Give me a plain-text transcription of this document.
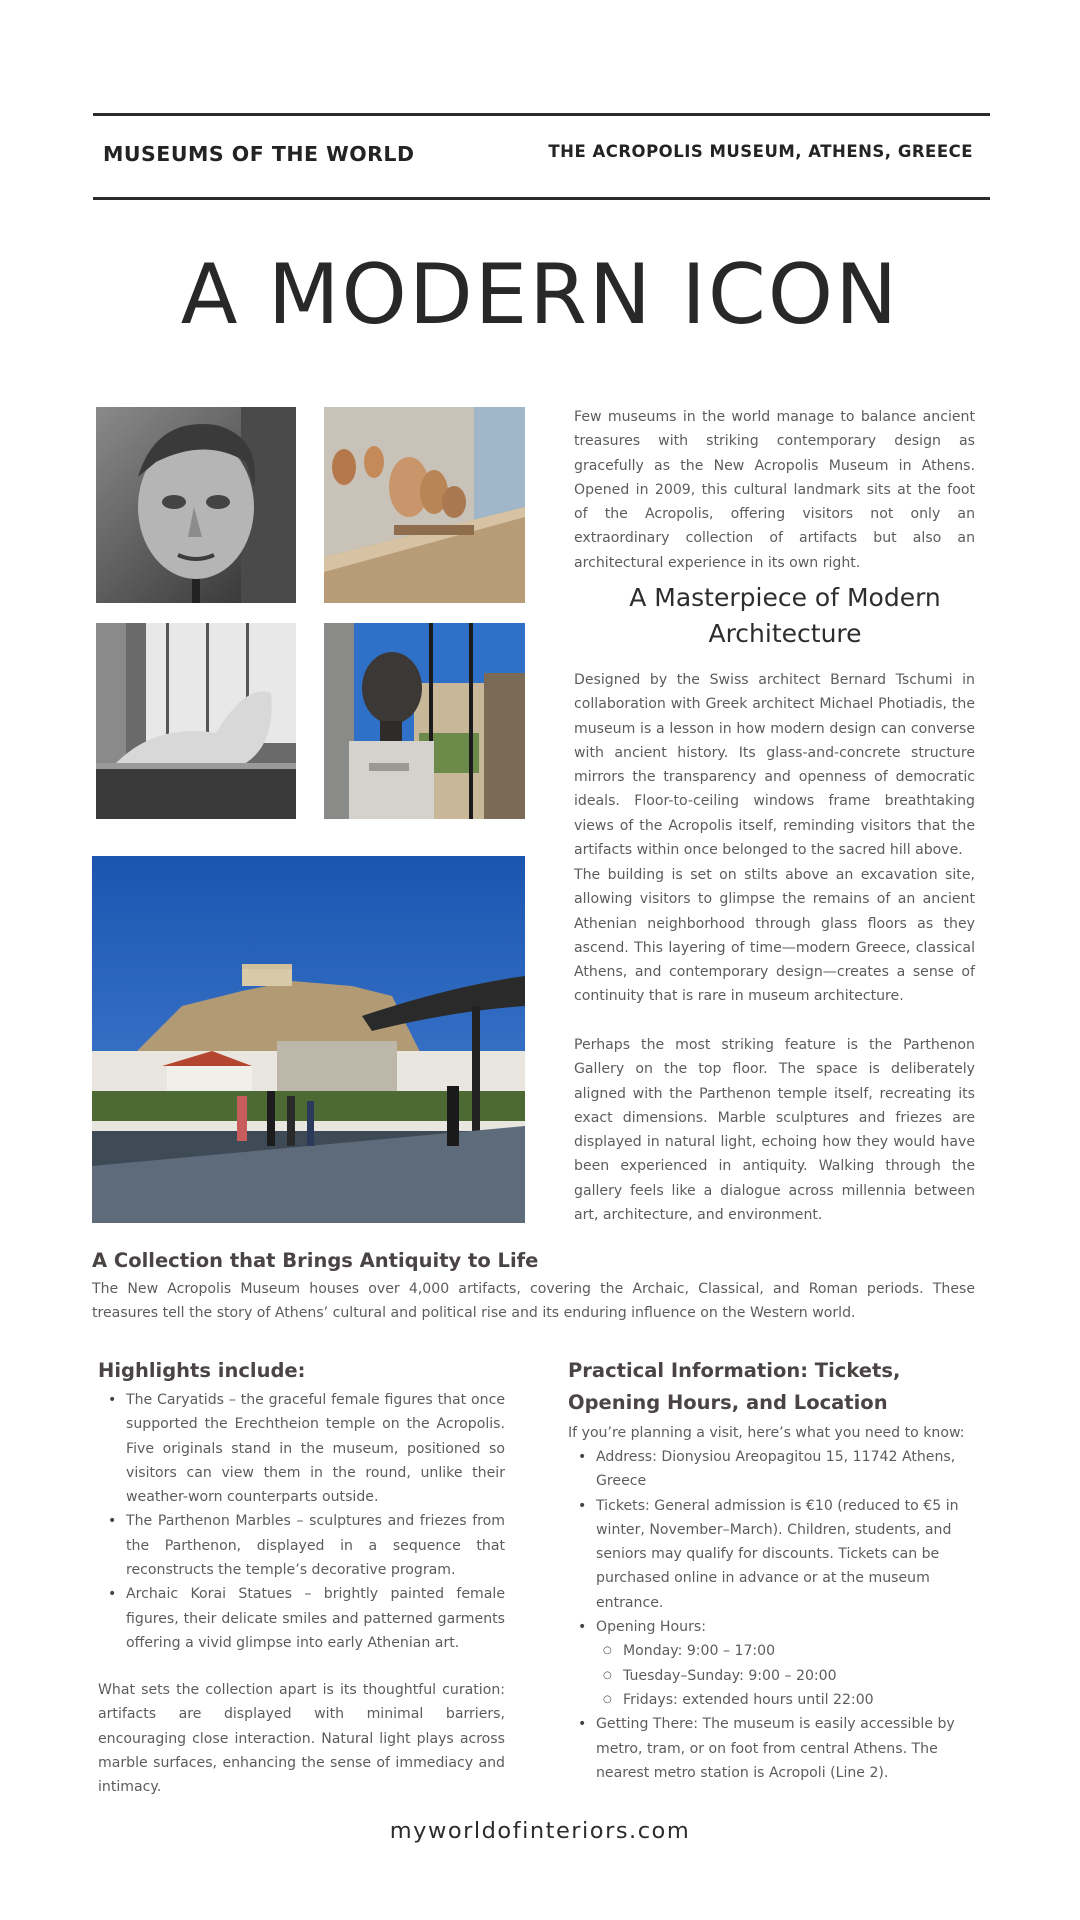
MUSEUMS OF THE WORLD	THE ACROPOLIS MUSEUM, ATHENS, GREECE
A MODERN ICON

Few museums in the world manage to balance ancient treasures with striking contemporary design as gracefully as the New Acropolis Museum in Athens. Opened in 2009, this cultural landmark sits at the foot of the Acropolis, offering visitors not only an extraordinary collection of artifacts but also an architectural experience in its own right.

A Masterpiece of Modern Architecture

Designed by the Swiss architect Bernard Tschumi in collaboration with Greek architect Michael Photiadis, the museum is a lesson in how modern design can converse with ancient history. Its glass-and-concrete structure mirrors the transparency and openness of democratic ideals. Floor-to-ceiling windows frame breathtaking views of the Acropolis itself, reminding visitors that the artifacts within once belonged to the sacred hill above.

The building is set on stilts above an excavation site, allowing visitors to glimpse the remains of an ancient Athenian neighborhood through glass floors as they ascend. This layering of time—modern Greece, classical Athens, and contemporary design—creates a sense of continuity that is rare in museum architecture.

Perhaps the most striking feature is the Parthenon Gallery on the top floor. The space is deliberately aligned with the Parthenon temple itself, recreating its exact dimensions. Marble sculptures and friezes are displayed in natural light, echoing how they would have been experienced in antiquity. Walking through the gallery feels like a dialogue across millennia between art, architecture, and environment.

A Collection that Brings Antiquity to Life

The New Acropolis Museum houses over 4,000 artifacts, covering the Archaic, Classical, and Roman periods. These treasures tell the story of Athens’ cultural and political rise and its enduring influence on the Western world.

Highlights include:
• The Caryatids – the graceful female figures that once supported the Erechtheion temple on the Acropolis. Five originals stand in the museum, positioned so visitors can view them in the round, unlike their weather-worn counterparts outside.
• The Parthenon Marbles – sculptures and friezes from the Parthenon, displayed in a sequence that reconstructs the temple’s decorative program.
• Archaic Korai Statues – brightly painted female figures, their delicate smiles and patterned garments offering a vivid glimpse into early Athenian art.

What sets the collection apart is its thoughtful curation: artifacts are displayed with minimal barriers, encouraging close interaction. Natural light plays across marble surfaces, enhancing the sense of immediacy and intimacy.

Practical Information: Tickets, Opening Hours, and Location

If you’re planning a visit, here’s what you need to know:

• Address: Dionysiou Areopagitou 15, 11742 Athens, Greece
• Tickets: General admission is €10 (reduced to €5 in winter, November–March). Children, students, and seniors may qualify for discounts. Tickets can be purchased online in advance or at the museum entrance.
• Opening Hours:
○ Monday: 9:00 – 17:00
○ Tuesday–Sunday: 9:00 – 20:00
○ Fridays: extended hours until 22:00
• Getting There: The museum is easily accessible by metro, tram, or on foot from central Athens. The nearest metro station is Acropoli (Line 2).
myworldofinteriors.com
